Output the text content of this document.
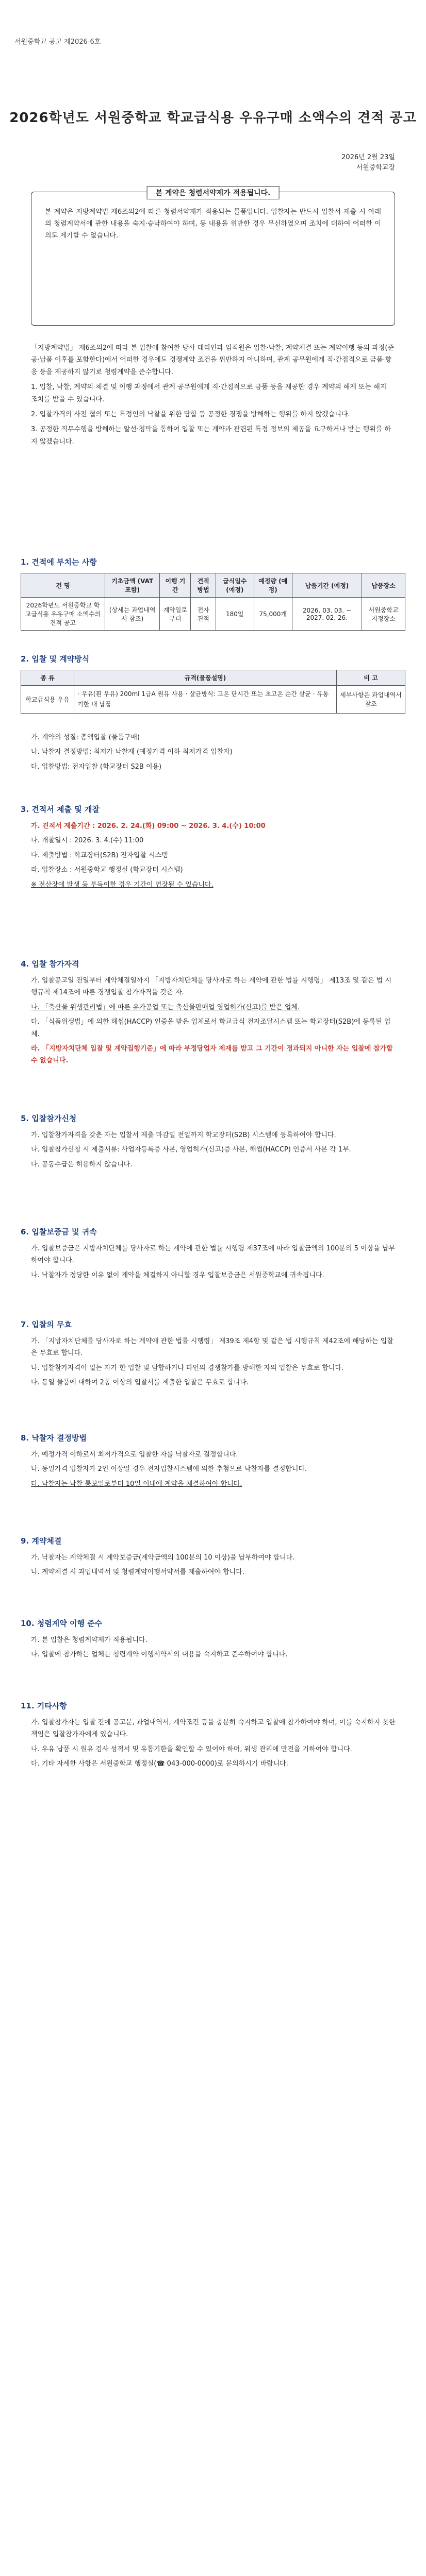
서원중학교 공고 제2026-6호
2026학년도 서원중학교 학교급식용 우유구매 소액수의 견적 공고
2026년 2월 23일
서원중학교장
본 계약은 청렴서약제가 적용됩니다.
본 계약은 지방계약법 제6조의2에 따른 청렴서약제가 적용되는 물품입니다. 입찰자는 반드시 입찰서 제출 시 아래의 청렴계약서에 관한 내용을 숙지·승낙하여야 하며, 동 내용을 위반한 경우 무신하였으며 조치에 대하여 어떠한 이의도 제기할 수 없습니다.

「지방계약법」 제6조의2에 따라 본 입찰에 참여한 당사 대리인과 임직원은 입찰·낙찰, 계약체결 또는 계약이행 등의 과정(준공·납품 이후를 포함한다)에서 어떠한 경우에도 경쟁계약 조건을 위반하지 아니하며, 관계 공무원에게 직·간접적으로 금품·향응 등을 제공하지 않기로 청렴계약을 준수합니다.

1. 입찰, 낙찰, 계약의 체결 및 이행 과정에서 관계 공무원에게 직·간접적으로 금품 등을 제공한 경우 계약의 해제 또는 해지 조치를 받을 수 있습니다.

2. 입찰가격의 사전 협의 또는 특정인의 낙찰을 위한 담합 등 공정한 경쟁을 방해하는 행위를 하지 않겠습니다.

3. 공정한 직무수행을 방해하는 알선·청탁을 통하여 입찰 또는 계약과 관련된 특정 정보의 제공을 요구하거나 받는 행위를 하지 않겠습니다.

1. 견적에 부치는 사항
건 명	기초금액 (VAT 포함)	이행 기간	견적 방법	급식일수 (예정)	예정량 (예정)	납품기간 (예정)	납품장소
2026학년도 서원중학교 학교급식용 우유구매 소액수의견적 공고	(상세는 과업내역서 참조)	계약일로부터	전자 견적	180일	75,000개	2026. 03. 03. ~ 2027. 02. 26.	서원중학교 지정장소
2. 입찰 및 계약방식
종 류	규격(물품설명)	비 고
학교급식용 우유	· 우유(흰 우유) 200ml 1급A 원유 사용 · 살균방식: 고온 단시간 또는 초고온 순간 살균 · 유통기한 내 납품	세부사항은 과업내역서 참조

가. 계약의 성질: 총액입찰 (물품구매)

나. 낙찰자 결정방법: 최저가 낙찰제 (예정가격 이하 최저가격 입찰자)

다. 입찰방법: 전자입찰 (학교장터 S2B 이용)

3. 견적서 제출 및 개찰

가. 견적서 제출기간 : 2026. 2. 24.(화) 09:00 ~ 2026. 3. 4.(수) 10:00

나. 개찰일시 : 2026. 3. 4.(수) 11:00

다. 제출방법 : 학교장터(S2B) 전자입찰 시스템

라. 입찰장소 : 서원중학교 행정실 (학교장터 시스템)

※ 전산장애 발생 등 부득이한 경우 기간이 연장될 수 있습니다.

4. 입찰 참가자격

가. 입찰공고일 전일부터 계약체결일까지 「지방자치단체를 당사자로 하는 계약에 관한 법률 시행령」 제13조 및 같은 법 시행규칙 제14조에 따른 경쟁입찰 참가자격을 갖춘 자.

나. 「축산물 위생관리법」에 따른 유가공업 또는 축산물판매업 영업허가(신고)를 받은 업체.

다. 「식품위생법」에 의한 해썹(HACCP) 인증을 받은 업체로서 학교급식 전자조달시스템 또는 학교장터(S2B)에 등록된 업체.

라. 「지방자치단체 입찰 및 계약집행기준」에 따라 부정당업자 제재를 받고 그 기간이 경과되지 아니한 자는 입찰에 참가할 수 없습니다.

5. 입찰참가신청

가. 입찰참가자격을 갖춘 자는 입찰서 제출 마감일 전일까지 학교장터(S2B) 시스템에 등록하여야 합니다.

나. 입찰참가신청 시 제출서류: 사업자등록증 사본, 영업허가(신고)증 사본, 해썹(HACCP) 인증서 사본 각 1부.

다. 공동수급은 허용하지 않습니다.

6. 입찰보증금 및 귀속

가. 입찰보증금은 지방자치단체를 당사자로 하는 계약에 관한 법률 시행령 제37조에 따라 입찰금액의 100분의 5 이상을 납부하여야 합니다.

나. 낙찰자가 정당한 이유 없이 계약을 체결하지 아니할 경우 입찰보증금은 서원중학교에 귀속됩니다.

7. 입찰의 무효

가. 「지방자치단체를 당사자로 하는 계약에 관한 법률 시행령」 제39조 제4항 및 같은 법 시행규칙 제42조에 해당하는 입찰은 무효로 합니다.

나. 입찰참가자격이 없는 자가 한 입찰 및 담합하거나 타인의 경쟁참가를 방해한 자의 입찰은 무효로 합니다.

다. 동일 물품에 대하여 2통 이상의 입찰서를 제출한 입찰은 무효로 합니다.

8. 낙찰자 결정방법

가. 예정가격 이하로서 최저가격으로 입찰한 자를 낙찰자로 결정합니다.

나. 동일가격 입찰자가 2인 이상일 경우 전자입찰시스템에 의한 추첨으로 낙찰자를 결정합니다.

다. 낙찰자는 낙찰 통보일로부터 10일 이내에 계약을 체결하여야 합니다.

9. 계약체결

가. 낙찰자는 계약체결 시 계약보증금(계약금액의 100분의 10 이상)을 납부하여야 합니다.

나. 계약체결 시 과업내역서 및 청렴계약이행서약서를 제출하여야 합니다.

10. 청렴계약 이행 준수

가. 본 입찰은 청렴계약제가 적용됩니다.

나. 입찰에 참가하는 업체는 청렴계약 이행서약서의 내용을 숙지하고 준수하여야 합니다.

11. 기타사항

가. 입찰참가자는 입찰 전에 공고문, 과업내역서, 계약조건 등을 충분히 숙지하고 입찰에 참가하여야 하며, 이를 숙지하지 못한 책임은 입찰참가자에게 있습니다.

나. 우유 납품 시 원유 검사 성적서 및 유통기한을 확인할 수 있어야 하며, 위생 관리에 만전을 기하여야 합니다.

다. 기타 자세한 사항은 서원중학교 행정실(☎ 043-000-0000)로 문의하시기 바랍니다.
